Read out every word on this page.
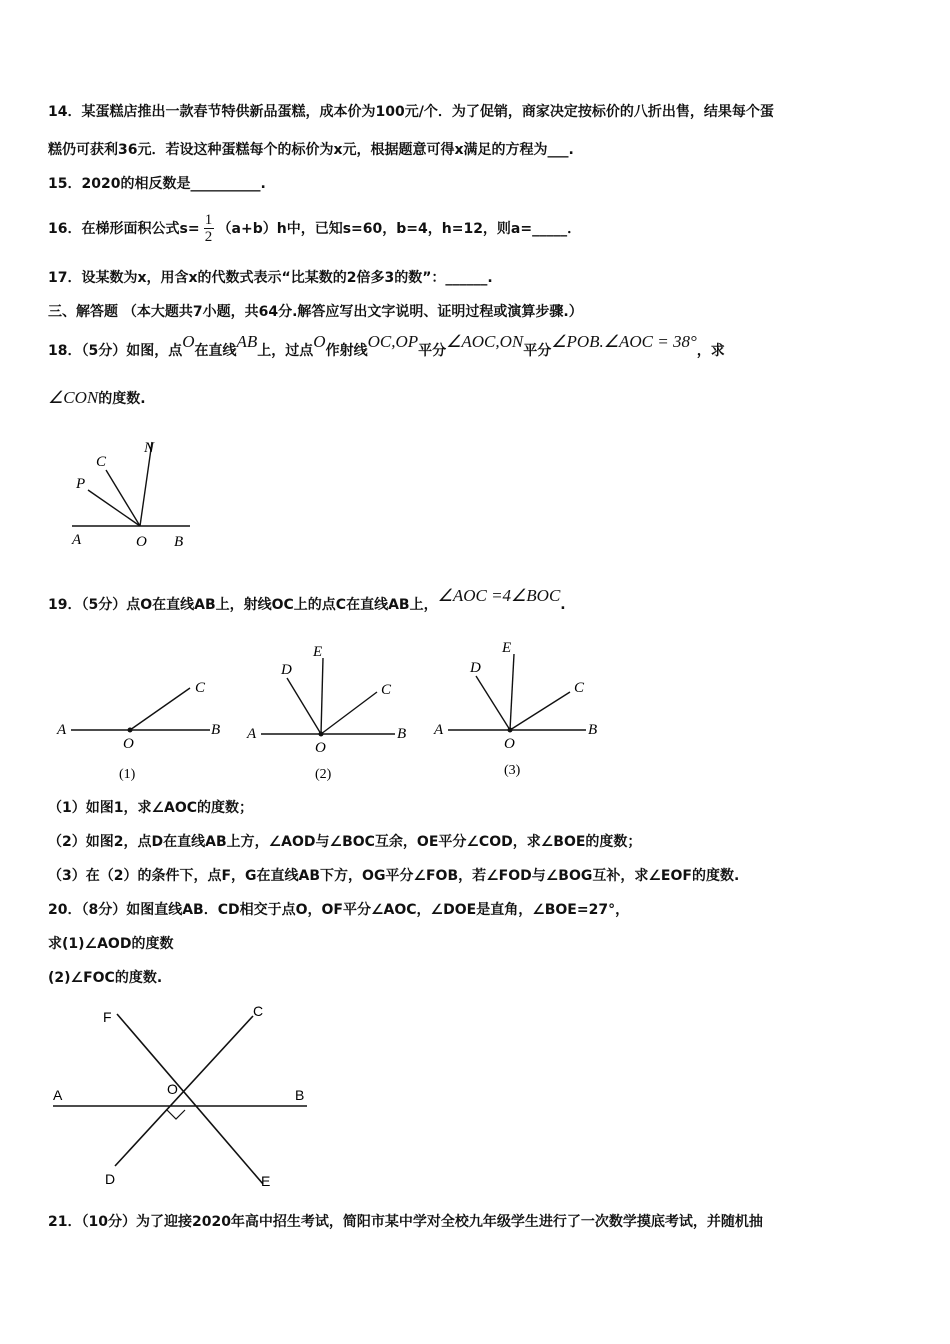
14．某蛋糕店推出一款春节特供新品蛋糕，成本价为100元/个．为了促销，商家决定按标价的八折出售，结果每个蛋
糕仍可获利36元．若设这种蛋糕每个的标价为x元，根据题意可得x满足的方程为___.
15．2020的相反数是__________.
16．在梯形面积公式$s= \frac{1}{2} (a+b)h$中，已知s=60，b=4，h=12，则a=_____．
17．设某数为x，用含x的代数式表示“比某数的2倍多3的数”：______.
三、解答题 （本大题共7小题，共64分.解答应写出文字说明、证明过程或演算步骤.）
18．（5分）如图，点O在直线AB上，过点O作射线OC,OP平分∠AOC,ON平分∠POB.∠AOC = 38°，求
∠CON的度数.
N
C
P
A	O B
19．（5分）点O在直线AB上，射线OC上的点C在直线AB上，∠AOC =4∠BOC.
A
O
B
C
(1)
A
O
B
C
D
E
(2)
A
O
B
C
D
E
(3)
（1）如图1，求∠AOC的度数；
（2）如图2，点D在直线AB上方，∠AOD与∠BOC互余，OE平分∠COD，求∠BOE的度数；
（3）在（2）的条件下，点F，G在直线AB下方，OG平分∠FOB，若∠FOD与∠BOG互补，求∠EOF的度数.
20．（8分）如图直线AB．CD相交于点O，OF平分∠AOC，∠DOE是直角，∠BOE=27°，
求(1)∠AOD的度数
(2)∠FOC的度数.
A	B
O
F	C
D	E
21．（10分）为了迎接2020年高中招生考试，简阳市某中学对全校九年级学生进行了一次数学摸底考试，并随机抽
